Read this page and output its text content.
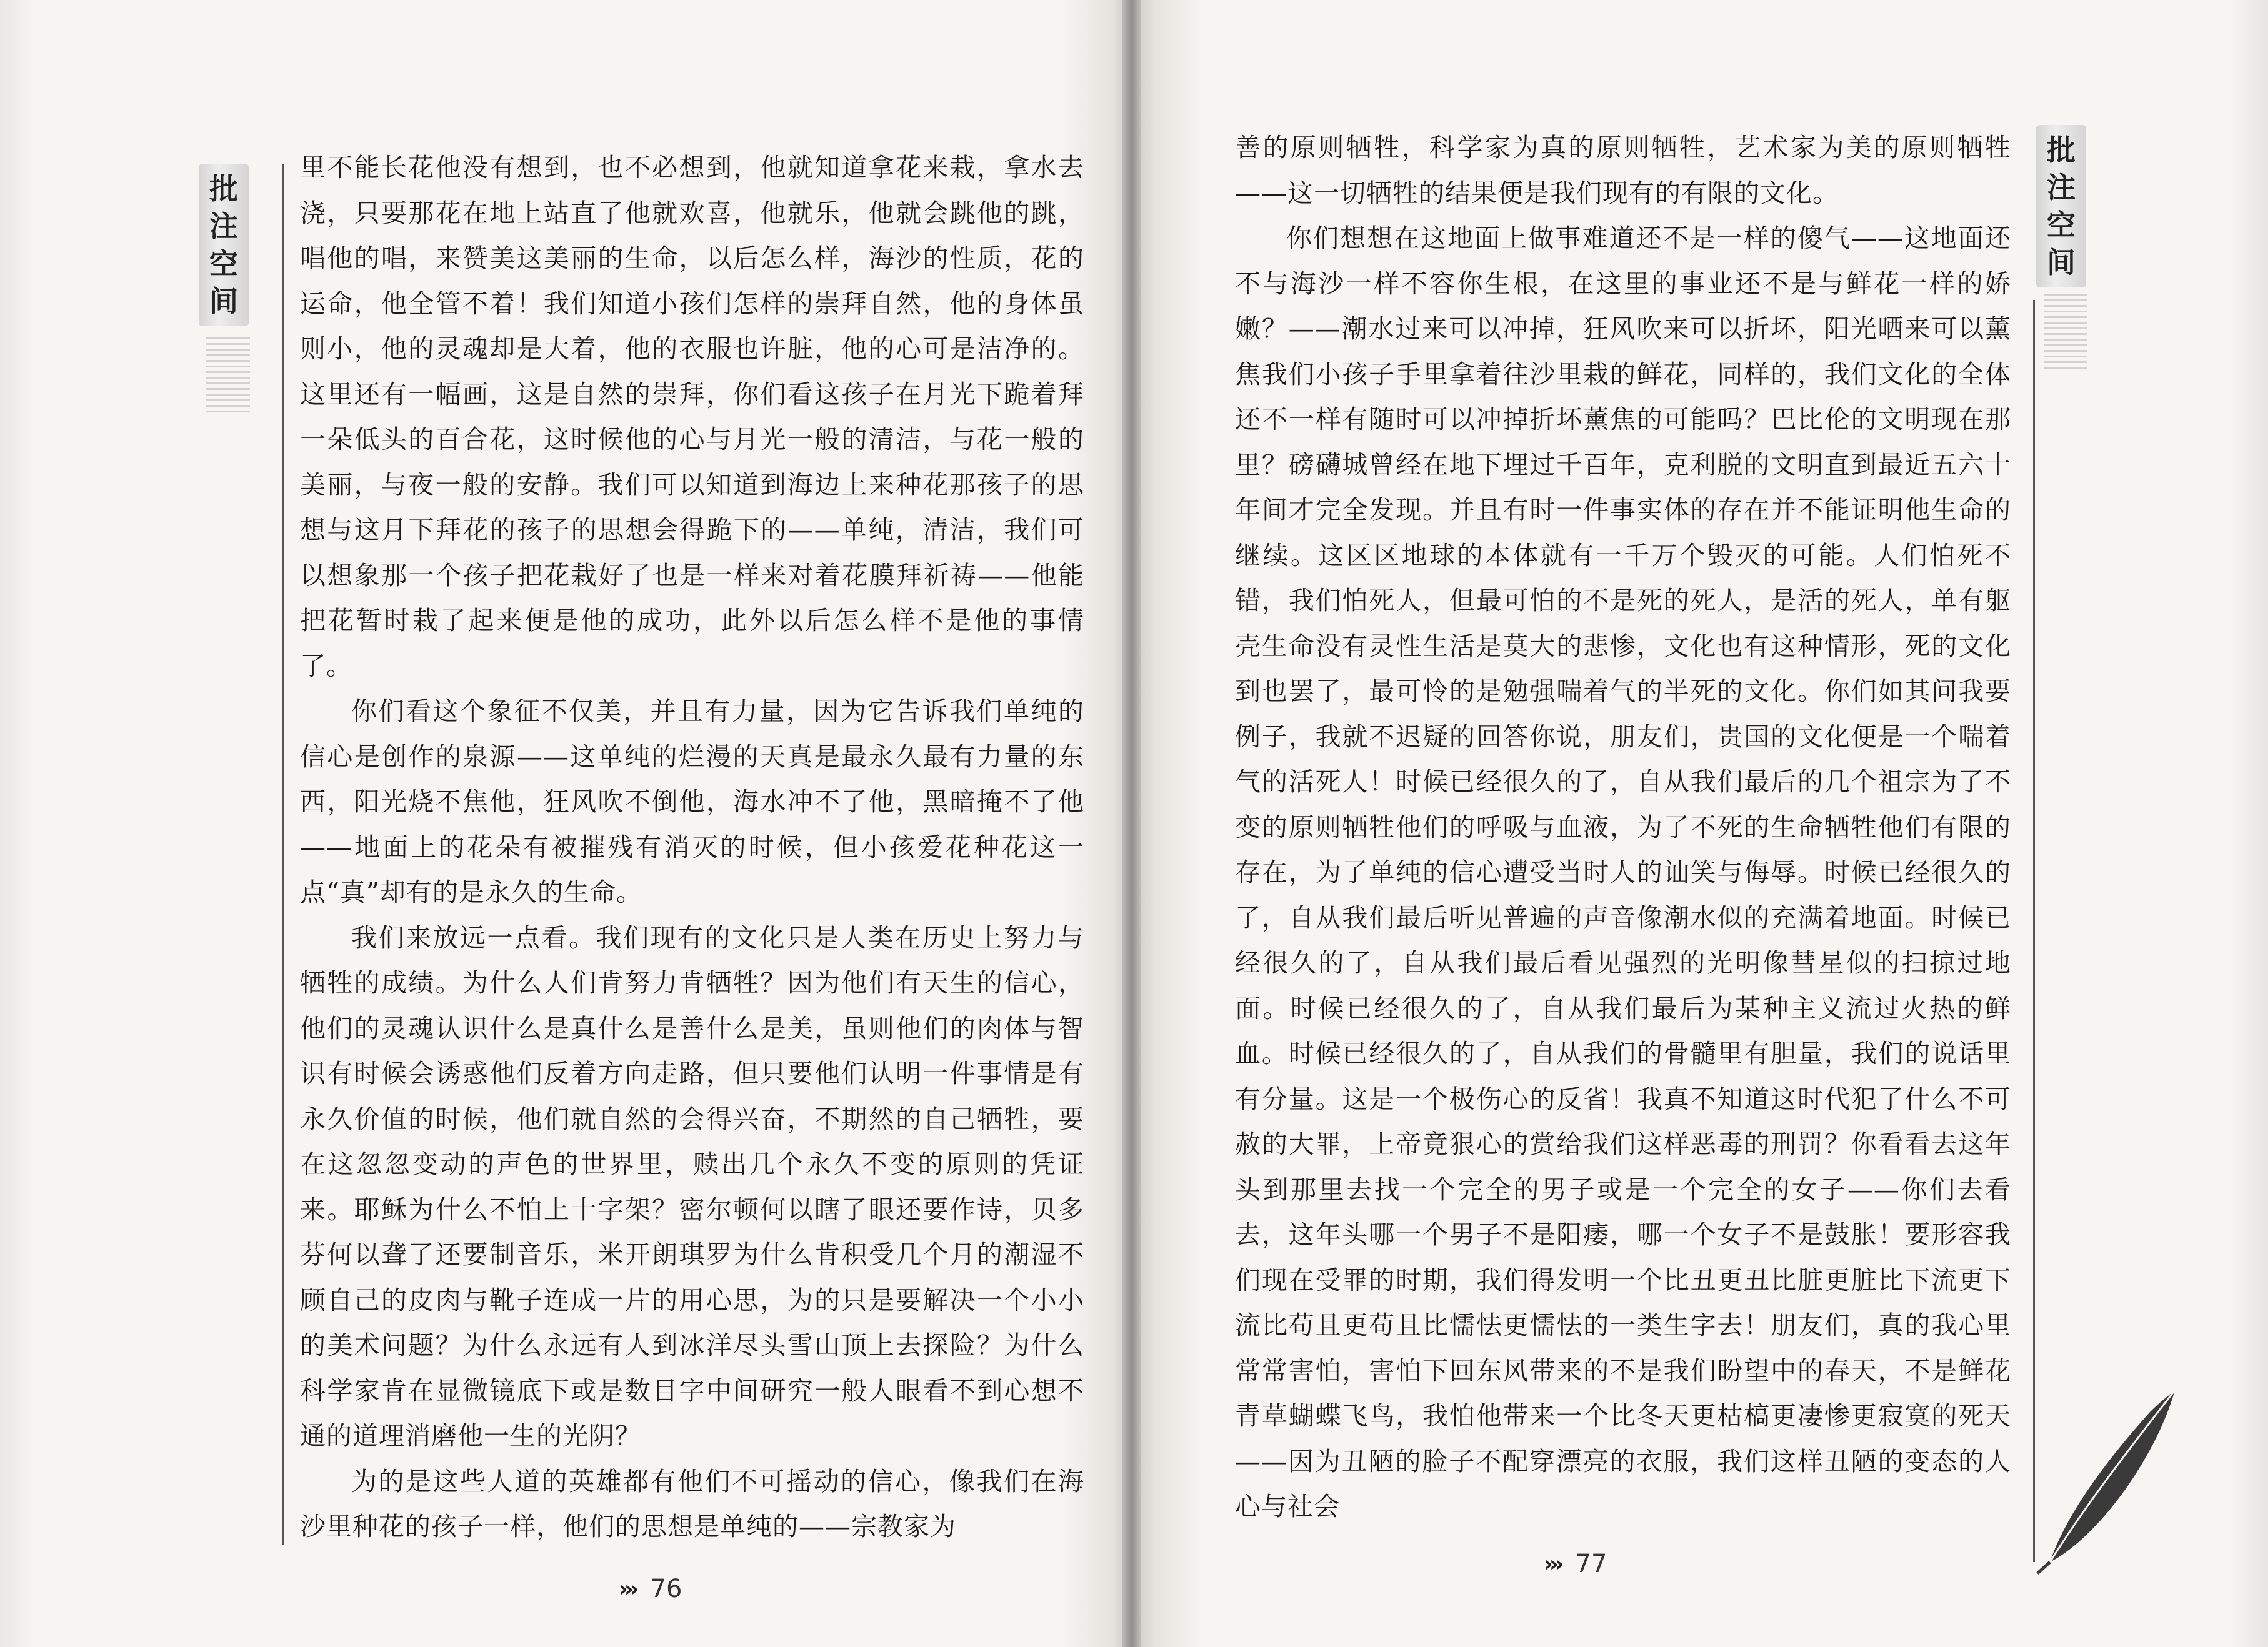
批
注
空
间

里不能长花他没有想到，也不必想到，他就知道拿花来栽，拿水去浇，只要那花在地上站直了他就欢喜，他就乐，他就会跳他的跳，唱他的唱，来赞美这美丽的生命，以后怎么样，海沙的性质，花的运命，他全管不着！我们知道小孩们怎样的崇拜自然，他的身体虽则小，他的灵魂却是大着，他的衣服也许脏，他的心可是洁净的。这里还有一幅画，这是自然的崇拜，你们看这孩子在月光下跪着拜一朵低头的百合花，这时候他的心与月光一般的清洁，与花一般的美丽，与夜一般的安静。我们可以知道到海边上来种花那孩子的思想与这月下拜花的孩子的思想会得跪下的——单纯，清洁，我们可以想象那一个孩子把花栽好了也是一样来对着花膜拜祈祷——他能把花暂时栽了起来便是他的成功，此外以后怎么样不是他的事情了。

你们看这个象征不仅美，并且有力量，因为它告诉我们单纯的信心是创作的泉源——这单纯的烂漫的天真是最永久最有力量的东西，阳光烧不焦他，狂风吹不倒他，海水冲不了他，黑暗掩不了他——地面上的花朵有被摧残有消灭的时候，但小孩爱花种花这一点“真”却有的是永久的生命。

我们来放远一点看。我们现有的文化只是人类在历史上努力与牺牲的成绩。为什么人们肯努力肯牺牲？因为他们有天生的信心，他们的灵魂认识什么是真什么是善什么是美，虽则他们的肉体与智识有时候会诱惑他们反着方向走路，但只要他们认明一件事情是有永久价值的时候，他们就自然的会得兴奋，不期然的自己牺牲，要在这忽忽变动的声色的世界里，赎出几个永久不变的原则的凭证来。耶稣为什么不怕上十字架？密尔顿何以瞎了眼还要作诗，贝多芬何以聋了还要制音乐，米开朗琪罗为什么肯积受几个月的潮湿不顾自己的皮肉与靴子连成一片的用心思，为的只是要解决一个小小的美术问题？为什么永远有人到冰洋尽头雪山顶上去探险？为什么科学家肯在显微镜底下或是数目字中间研究一般人眼看不到心想不通的道理消磨他一生的光阴？

为的是这些人道的英雄都有他们不可摇动的信心，像我们在海沙里种花的孩子一样，他们的思想是单纯的——宗教家为

››› 76

善的原则牺牲，科学家为真的原则牺牲，艺术家为美的原则牺牲——这一切牺牲的结果便是我们现有的有限的文化。

你们想想在这地面上做事难道还不是一样的傻气——这地面还不与海沙一样不容你生根，在这里的事业还不是与鲜花一样的娇嫩？——潮水过来可以冲掉，狂风吹来可以折坏，阳光晒来可以薰焦我们小孩子手里拿着往沙里栽的鲜花，同样的，我们文化的全体还不一样有随时可以冲掉折坏薰焦的可能吗？巴比伦的文明现在那里？磅礴城曾经在地下埋过千百年，克利脱的文明直到最近五六十年间才完全发现。并且有时一件事实体的存在并不能证明他生命的继续。这区区地球的本体就有一千万个毁灭的可能。人们怕死不错，我们怕死人，但最可怕的不是死的死人，是活的死人，单有躯壳生命没有灵性生活是莫大的悲惨，文化也有这种情形，死的文化到也罢了，最可怜的是勉强喘着气的半死的文化。你们如其问我要例子，我就不迟疑的回答你说，朋友们，贵国的文化便是一个喘着气的活死人！时候已经很久的了，自从我们最后的几个祖宗为了不变的原则牺牲他们的呼吸与血液，为了不死的生命牺牲他们有限的存在，为了单纯的信心遭受当时人的讪笑与侮辱。时候已经很久的了，自从我们最后听见普遍的声音像潮水似的充满着地面。时候已经很久的了，自从我们最后看见强烈的光明像彗星似的扫掠过地面。时候已经很久的了，自从我们最后为某种主义流过火热的鲜血。时候已经很久的了，自从我们的骨髓里有胆量，我们的说话里有分量。这是一个极伤心的反省！我真不知道这时代犯了什么不可赦的大罪，上帝竟狠心的赏给我们这样恶毒的刑罚？你看看去这年头到那里去找一个完全的男子或是一个完全的女子——你们去看去，这年头哪一个男子不是阳痿，哪一个女子不是鼓胀！要形容我们现在受罪的时期，我们得发明一个比丑更丑比脏更脏比下流更下流比苟且更苟且比懦怯更懦怯的一类生字去！朋友们，真的我心里常常害怕，害怕下回东风带来的不是我们盼望中的春天，不是鲜花青草蝴蝶飞鸟，我怕他带来一个比冬天更枯槁更凄惨更寂寞的死天——因为丑陋的脸子不配穿漂亮的衣服，我们这样丑陋的变态的人心与社会

››› 77
批
注
空
间
